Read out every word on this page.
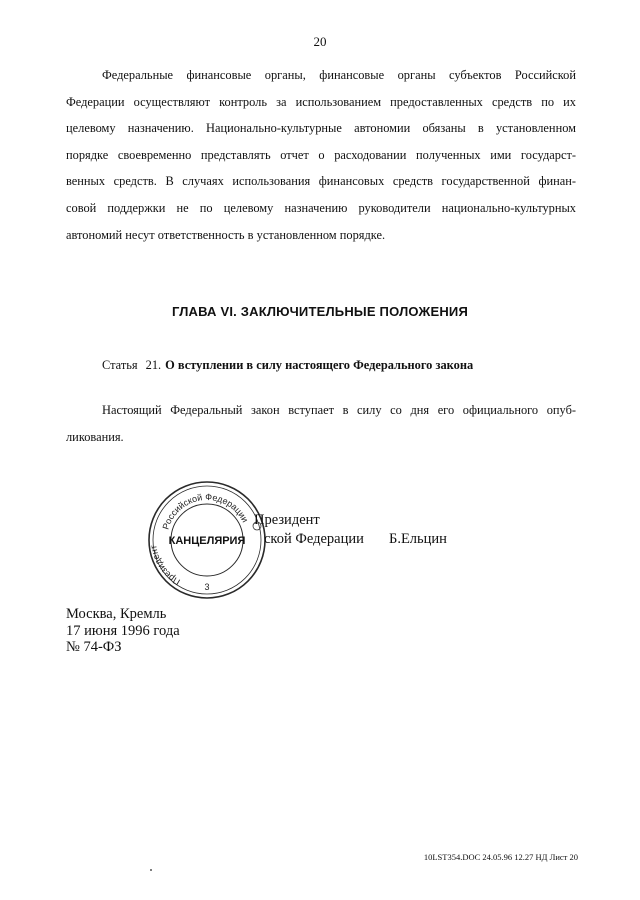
20

Федеральные финансовые органы, финансовые органы субъектов Российской
Федерации осуществляют контроль за использованием предоставленных средств по их
целевому назначению. Национально-культурные автономии обязаны в установленном
порядке своевременно представлять отчет о расходовании полученных ими государст-
венных средств. В случаях использования финансовых средств государственной финан-
совой поддержки не по целевому назначению руководители национально-культурных
автономий несут ответственность в установленном порядке.

ГЛАВА VI. ЗАКЛЮЧИТЕЛЬНЫЕ ПОЛОЖЕНИЯ
Статья 21. О вступлении в силу настоящего Федерального закона

Настоящий Федеральный закон вступает в силу со дня его официального опуб-
ликования.

Российской Федерации
Президент
КАНЦЕЛЯРИЯ
3
Президент
ской Федерации Б.Ельцин
Москва, Кремль
17 июня 1996 года
№ 74-ФЗ
10LST354.DOC 24.05.96 12.27 НД Лист 20
